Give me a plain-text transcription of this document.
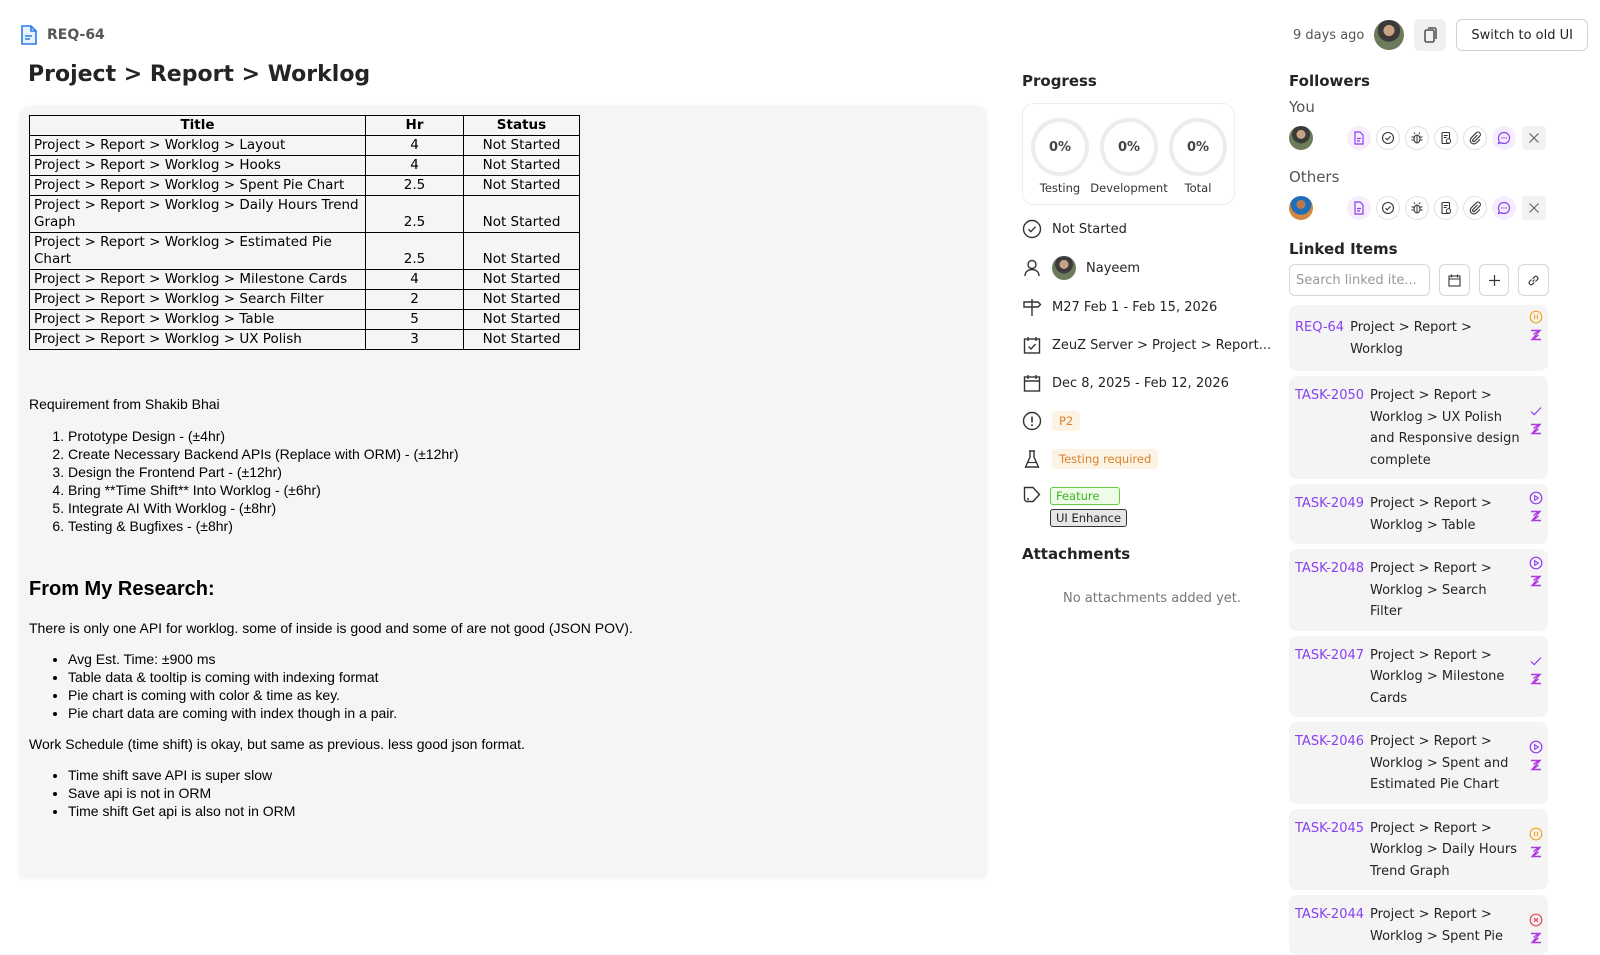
REQ-64	9 days ago	Switch to old UI
Project > Report > Worklog
Title	Hr	Status
Project > Report > Worklog > Layout	4	Not Started
Project > Report > Worklog > Hooks	4	Not Started
Project > Report > Worklog > Spent Pie Chart	2.5	Not Started
Project > Report > Worklog > Daily Hours Trend Graph	2.5	Not Started
Project > Report > Worklog > Estimated Pie Chart	2.5	Not Started
Project > Report > Worklog > Milestone Cards	4	Not Started
Project > Report > Worklog > Search Filter	2	Not Started
Project > Report > Worklog > Table	5	Not Started
Project > Report > Worklog > UX Polish	3	Not Started

Requirement from Shakib Bhai

1. Prototype Design - (±4hr)
2. Create Necessary Backend APIs (Replace with ORM) - (±12hr)
3. Design the Frontend Part - (±12hr)
4. Bring **Time Shift** Into Worklog - (±6hr)
5. Integrate AI With Worklog - (±8hr)
6. Testing & Bugfixes - (±8hr)
From My Research:

There is only one API for worklog. some of inside is good and some of are not good (JSON POV).

• Avg Est. Time: ±900 ms
• Table data & tooltip is coming with indexing format
• Pie chart is coming with color & time as key.
• Pie chart data are coming with index though in a pair.

Work Schedule (time shift) is okay, but same as previous. less good json format.

• Time shift save API is super slow
• Save api is not in ORM
• Time shift Get api is also not in ORM
Progress
0%
Testing
0%
Development
0%
Total
Not Started
Nayeem
M27 Feb 1 - Feb 15, 2026
ZeuZ Server > Project > Report...
Dec 8, 2025 - Feb 12, 2026
P2
Testing required
Feature
UI Enhance
Attachments
No attachments added yet.
Followers
You
Others
Linked Items
Search linked ite...
REQ-64 Project > Report > Worklog
TASK-2050 Project > Report > Worklog > UX Polish and Responsive design complete
TASK-2049 Project > Report > Worklog > Table
TASK-2048 Project > Report > Worklog > Search Filter
TASK-2047 Project > Report > Worklog > Milestone Cards
TASK-2046 Project > Report > Worklog > Spent and Estimated Pie Chart
TASK-2045 Project > Report > Worklog > Daily Hours Trend Graph
TASK-2044 Project > Report > Worklog > Spent Pie
